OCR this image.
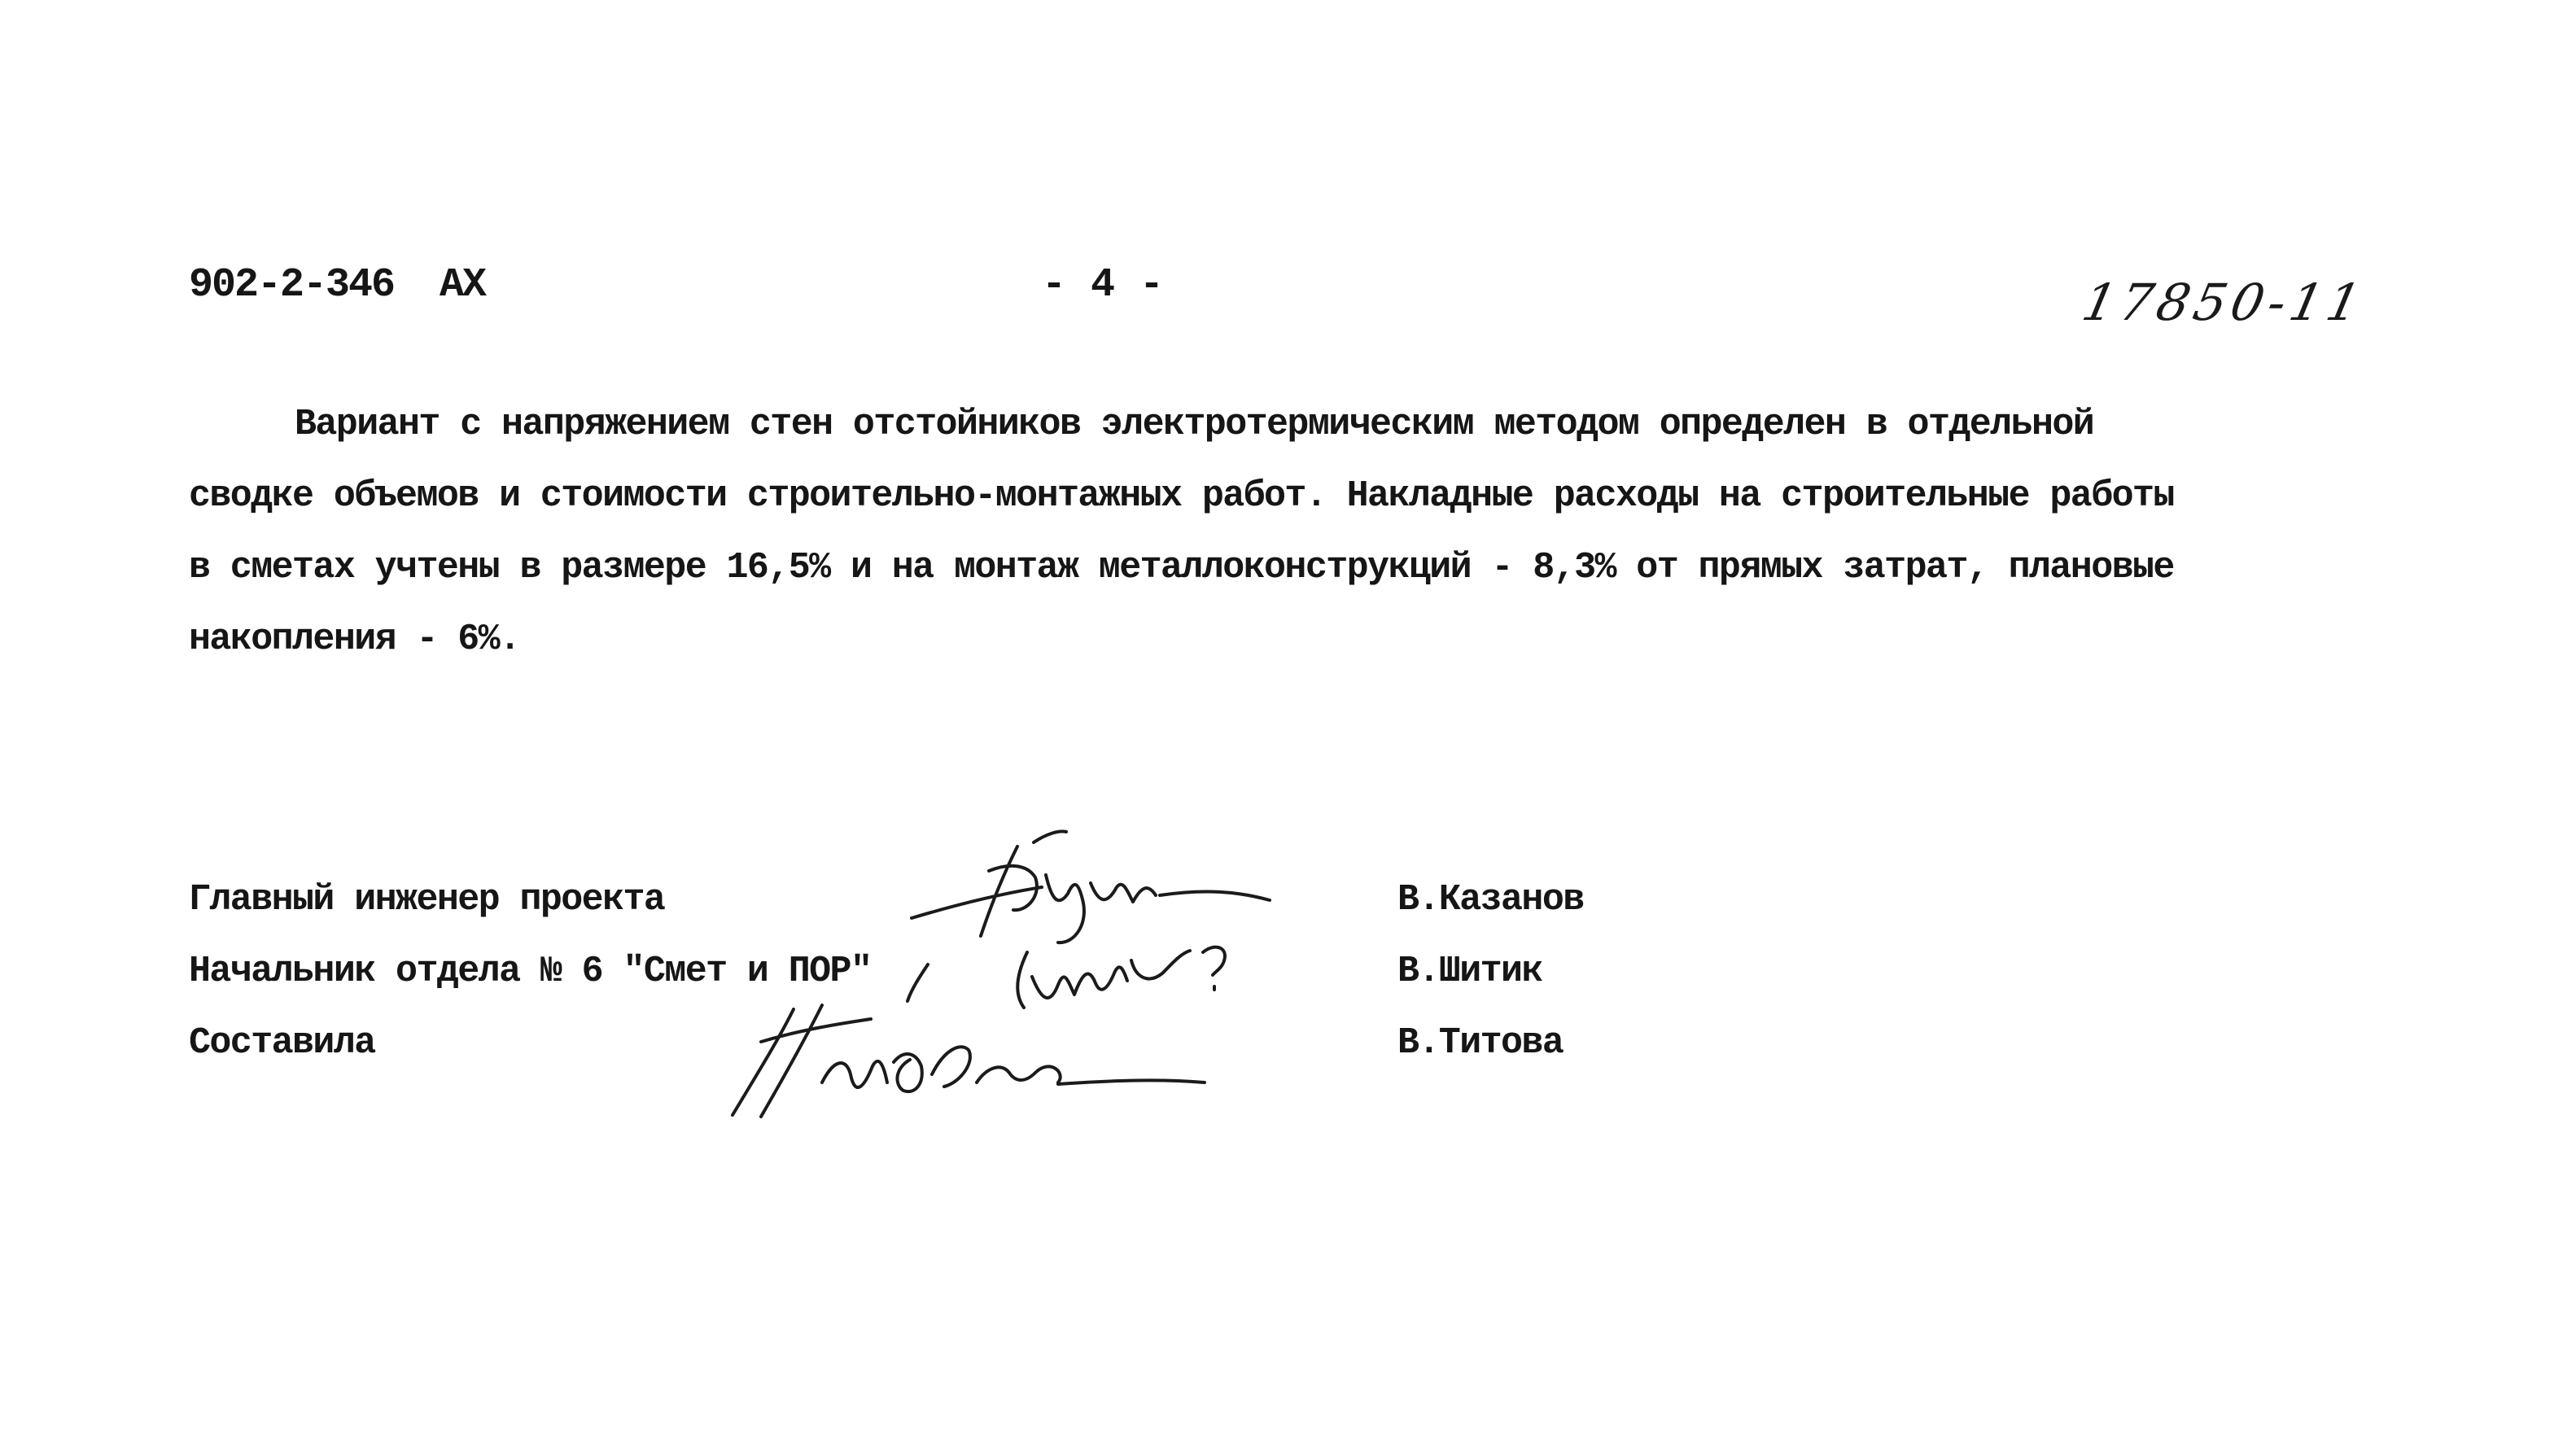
902-2-346  АХ	- 4 -	17850-11

Вариант с напряжением стен отстойников электротермическим методом определен в отдельной сводке объемов и стоимости строительно-монтажных работ. Накладные расходы на строительные работы в сметах учтены в размере 16,5% и на монтаж металлоконструкций - 8,3% от прямых затрат, плановые накопления - 6%.

Главный инженер проекта	В.Казанов
Начальник отдела № 6 "Смет и ПОР"	В.Шитик
Составила	В.Титова
